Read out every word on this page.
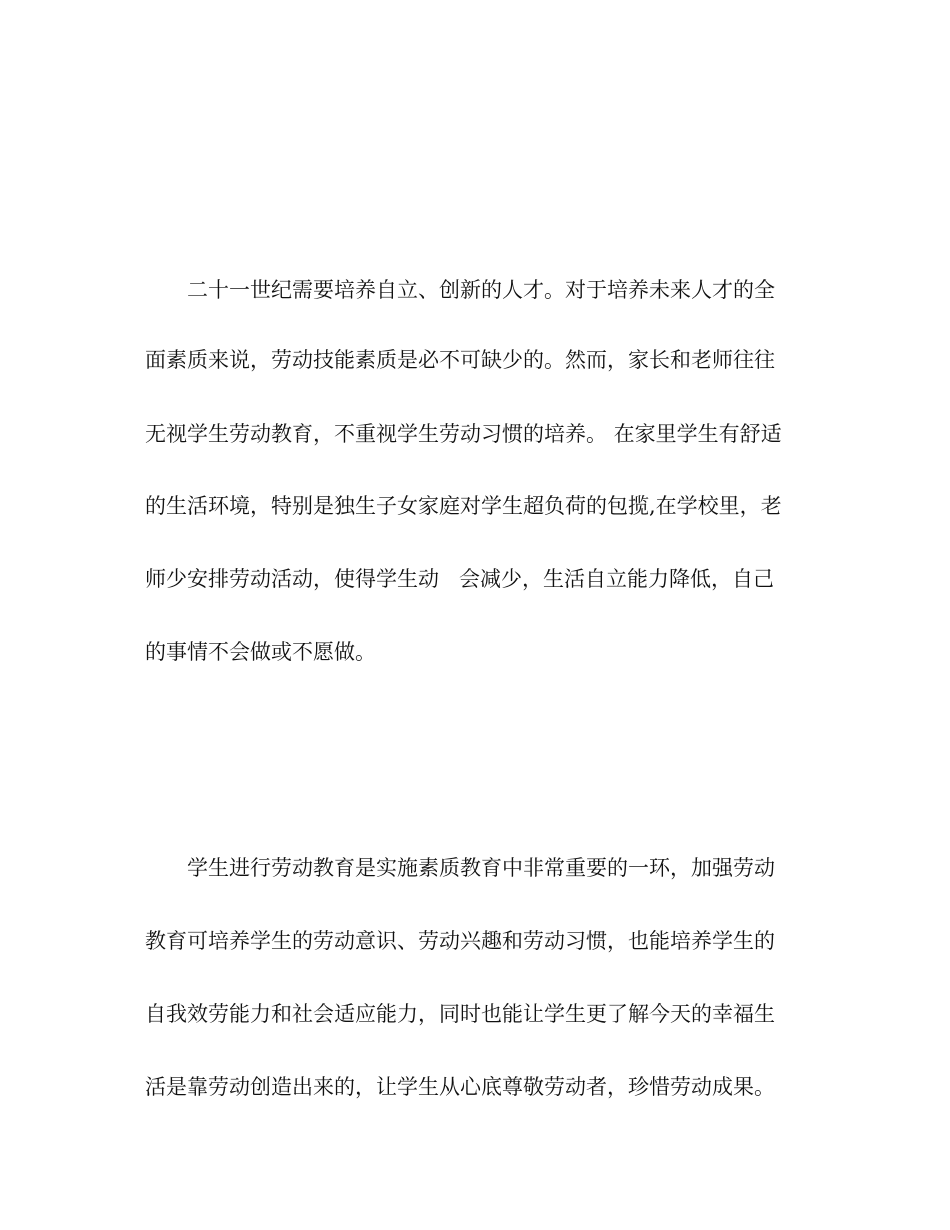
二十一世纪需要培养自立、创新的人才。对于培养未来人才的全
面素质来说，劳动技能素质是必不可缺少的。然而，家长和老师往往
无视学生劳动教育，不重视学生劳动习惯的培养。 在家里学生有舒适
的生活环境，特别是独生子女家庭对学生超负荷的包揽,在学校里，老
师少安排劳动活动，使得学生动   会减少，生活自立能力降低，自己
的事情不会做或不愿做。
学生进行劳动教育是实施素质教育中非常重要的一环，加强劳动
教育可培养学生的劳动意识、劳动兴趣和劳动习惯，也能培养学生的
自我效劳能力和社会适应能力，同时也能让学生更了解今天的幸福生
活是靠劳动创造出来的，让学生从心底尊敬劳动者，珍惜劳动成果。
